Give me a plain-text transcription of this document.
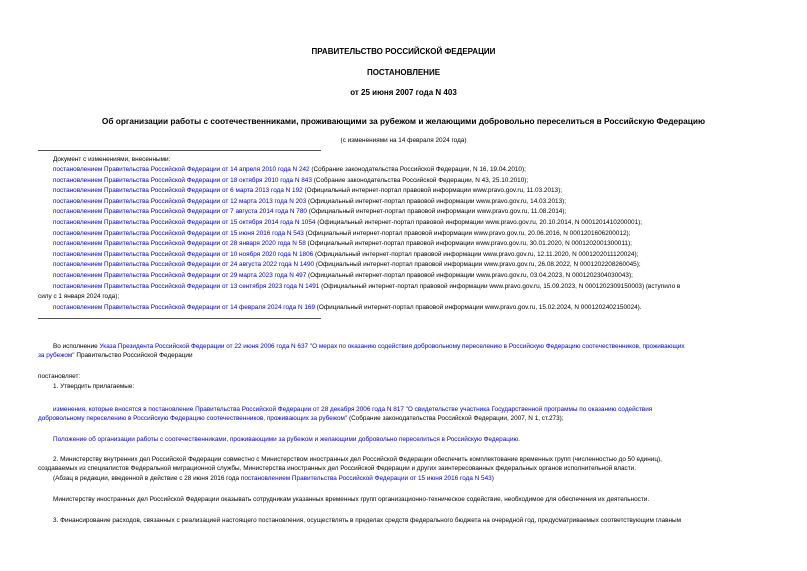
ПРАВИТЕЛЬСТВО РОССИЙСКОЙ ФЕДЕРАЦИИ
ПОСТАНОВЛЕНИЕ
от 25 июня 2007 года N 403
Об организации работы с соотечественниками, проживающими за рубежом и желающими добровольно переселиться в Российскую Федерацию
(с изменениями на 14 февраля 2024 года)
Документ с изменениями, внесенными:
постановлением Правительства Российской Федерации от 14 апреля 2010 года N 242 (Собрание законодательства Российской Федерации, N 16, 19.04.2010);
постановлением Правительства Российской Федерации от 18 октября 2010 года N 843 (Собрание законодательства Российской Федерации, N 43, 25.10.2010);
постановлением Правительства Российской Федерации от 6 марта 2013 года N 192 (Официальный интернет-портал правовой информации www.pravo.gov.ru, 11.03.2013);
постановлением Правительства Российской Федерации от 12 марта 2013 года N 203 (Официальный интернет-портал правовой информации www.pravo.gov.ru, 14.03.2013);
постановлением Правительства Российской Федерации от 7 августа 2014 года N 780 (Официальный интернет-портал правовой информации www.pravo.gov.ru, 11.08.2014);
постановлением Правительства Российской Федерации от 15 октября 2014 года N 1054 (Официальный интернет-портал правовой информации www.pravo.gov.ru, 20.10.2014, N 0001201410200001);
постановлением Правительства Российской Федерации от 15 июня 2016 года N 543 (Официальный интернет-портал правовой информации www.pravo.gov.ru, 20.06.2016, N 0001201606200012);
постановлением Правительства Российской Федерации от 28 января 2020 года N 58 (Официальный интернет-портал правовой информации www.pravo.gov.ru, 30.01.2020, N 0001202001300011);
постановлением Правительства Российской Федерации от 10 ноября 2020 года N 1806 (Официальный интернет-портал правовой информации www.pravo.gov.ru, 12.11.2020, N 0001202011120024);
постановлением Правительства Российской Федерации от 24 августа 2022 года N 1490 (Официальный интернет-портал правовой информации www.pravo.gov.ru, 26.08.2022, N 0001202208260045);
постановлением Правительства Российской Федерации от 29 марта 2023 года N 497 (Официальный интернет-портал правовой информации www.pravo.gov.ru, 03.04.2023, N 0001202304030043);
постановлением Правительства Российской Федерации от 13 сентября 2023 года N 1491 (Официальный интернет-портал правовой информации www.pravo.gov.ru, 15.09.2023, N 0001202309150003) (вступило в
силу с 1 января 2024 года);
постановлением Правительства Российской Федерации от 14 февраля 2024 года N 169 (Официальный интернет-портал правовой информации www.pravo.gov.ru, 15.02.2024, N 0001202402150024).
Во исполнение Указа Президента Российской Федерации от 22 июня 2006 года N 637 "О мерах по оказанию содействия добровольному переселению в Российскую Федерацию соотечественников, проживающих
за рубежом" Правительство Российской Федерации
постановляет:
1. Утвердить прилагаемые:
изменения, которые вносятся в постановление Правительства Российской Федерации от 28 декабря 2006 года N 817 "О свидетельстве участника Государственной программы по оказанию содействия
добровольному переселению в Российскую Федерацию соотечественников, проживающих за рубежом" (Собрание законодательства Российской Федерации, 2007, N 1, ст.273);
Положение об организации работы с соотечественниками, проживающими за рубежом и желающими добровольно переселиться в Российскую Федерацию.
2. Министерству внутренних дел Российской Федерации совместно с Министерством иностранных дел Российской Федерации обеспечить комплектование временных групп (численностью до 50 единиц),
создаваемых из специалистов Федеральной миграционной службы, Министерства иностранных дел Российской Федерации и других заинтересованных федеральных органов исполнительной власти.
(Абзац в редакции, введенной в действие с 28 июня 2016 года постановлением Правительства Российской Федерации от 15 июня 2016 года N 543)
Министерству иностранных дел Российской Федерации оказывать сотрудникам указанных временных групп организационно-техническое содействие, необходимое для обеспечения их деятельности.
3. Финансирование расходов, связанных с реализацией настоящего постановления, осуществлять в пределах средств федерального бюджета на очередной год, предусматриваемых соответствующим главным
